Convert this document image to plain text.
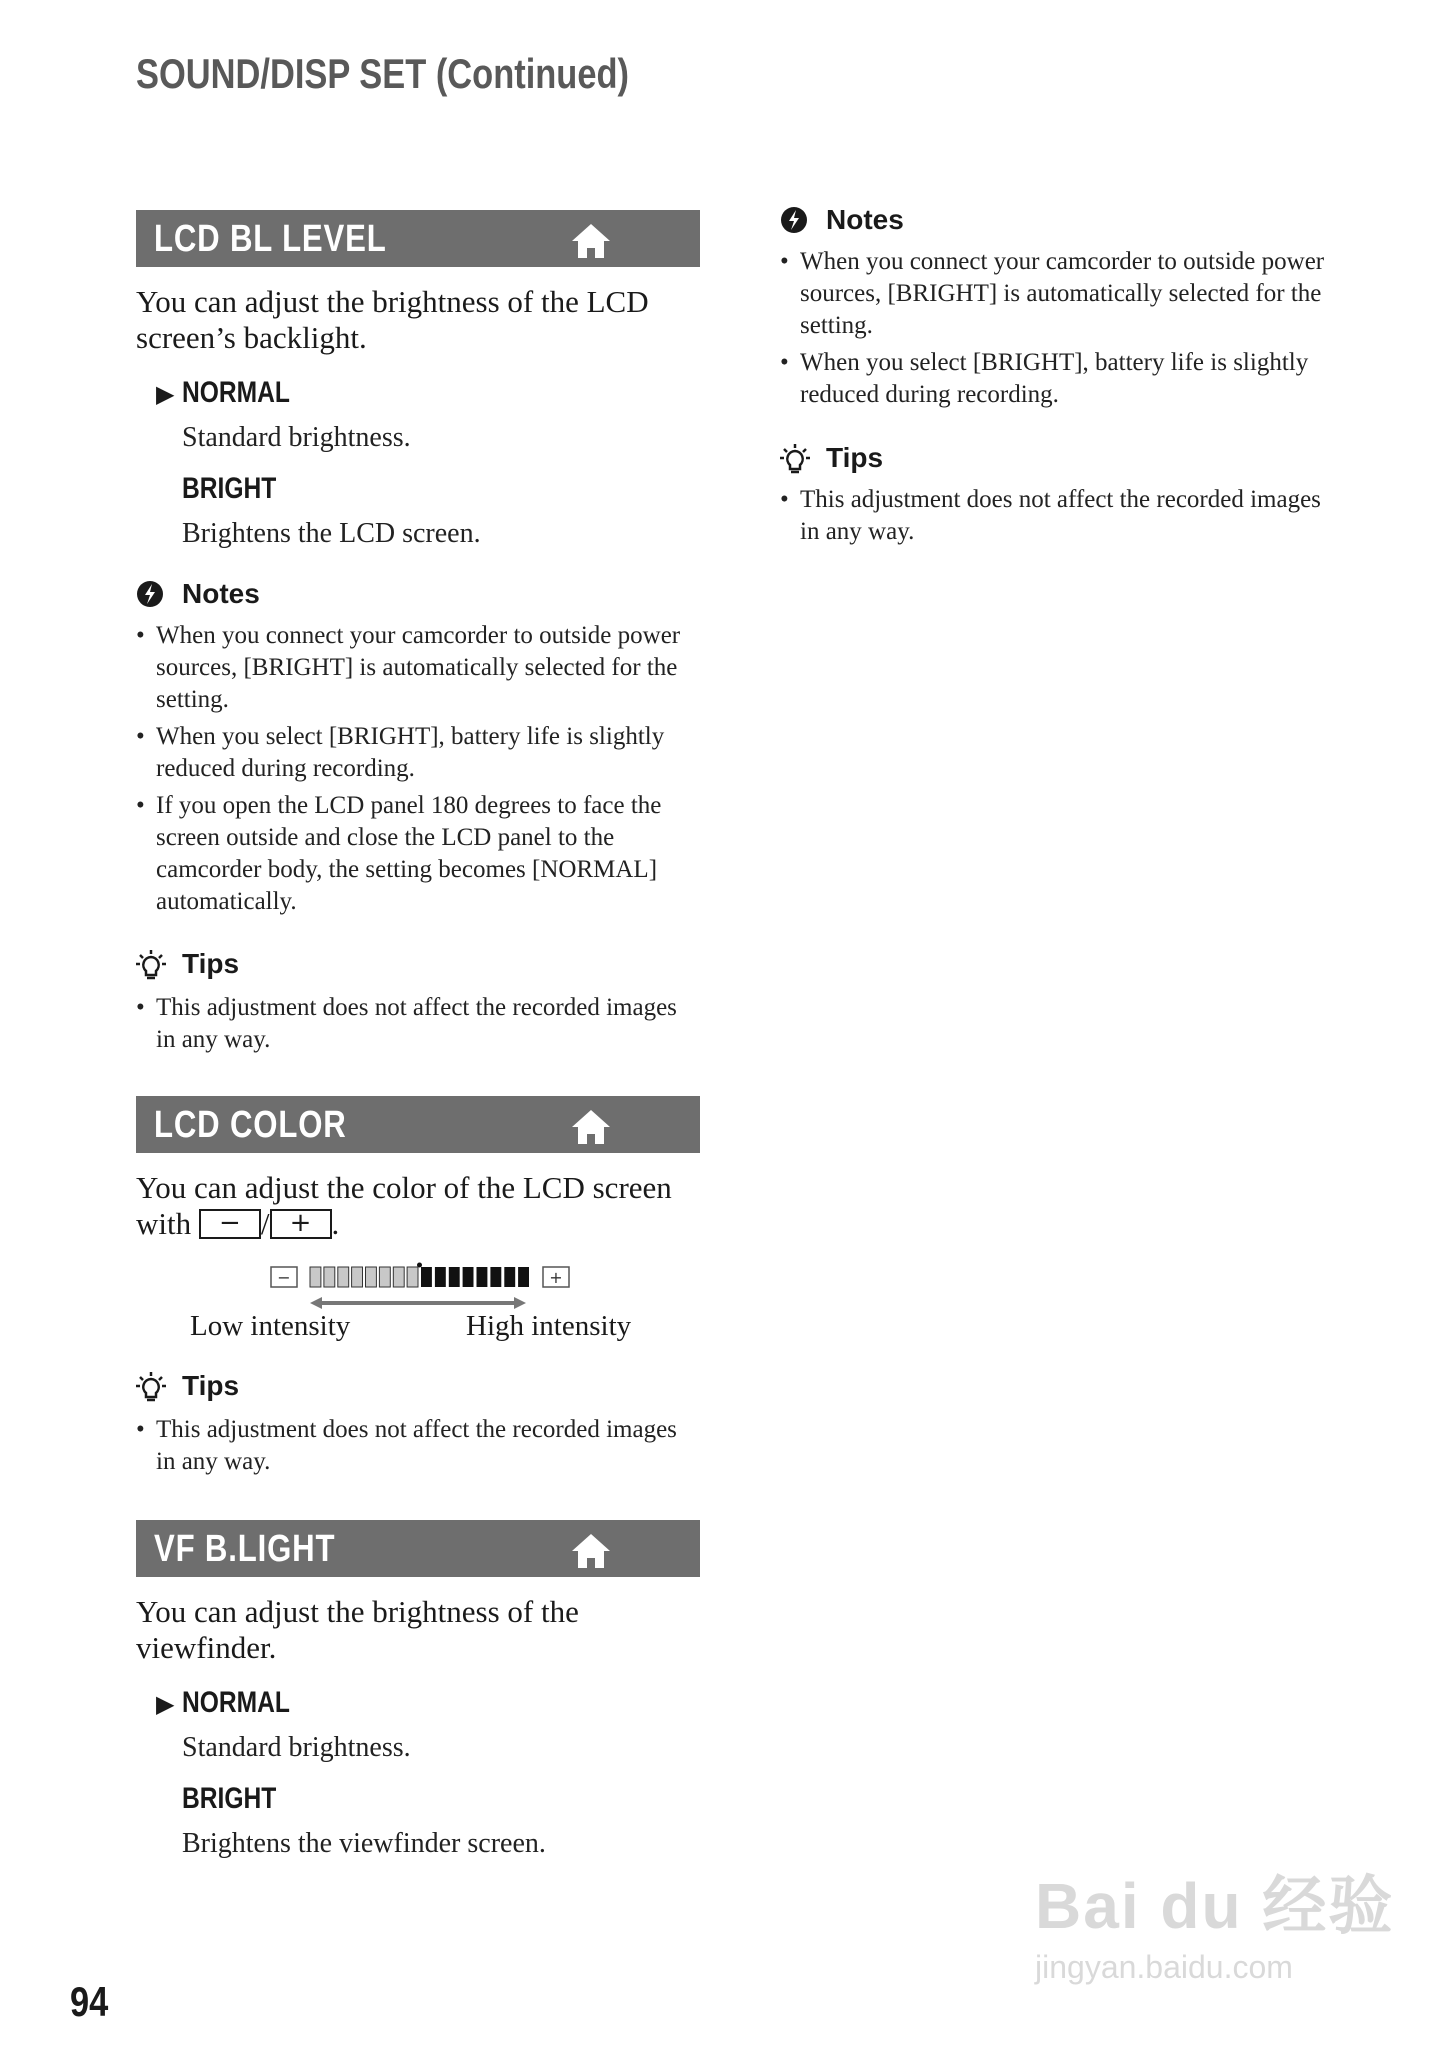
SOUND/DISP SET (Continued)
LCD BL LEVEL
You can adjust the brightness of the LCD screen’s backlight.
▶ NORMAL
Standard brightness.
BRIGHT
Brightens the LCD screen.
Notes
• When you connect your camcorder to outside power sources, [BRIGHT] is automatically selected for the setting.
• When you select [BRIGHT], battery life is slightly reduced during recording.
• If you open the LCD panel 180 degrees to face the screen outside and close the LCD panel to the camcorder body, the setting becomes [NORMAL] automatically.
Tips
• This adjustment does not affect the recorded images in any way.
LCD COLOR
You can adjust the color of the LCD screen with − / + .
−	+
Low intensity	High intensity
Tips
• This adjustment does not affect the recorded images in any way.
VF B.LIGHT
You can adjust the brightness of the viewfinder.
▶ NORMAL
Standard brightness.
BRIGHT
Brightens the viewfinder screen.
Notes
• When you connect your camcorder to outside power sources, [BRIGHT] is automatically selected for the setting.
• When you select [BRIGHT], battery life is slightly reduced during recording.
Tips
• This adjustment does not affect the recorded images in any way.
94
Bai du 经验
jingyan.baidu.com
